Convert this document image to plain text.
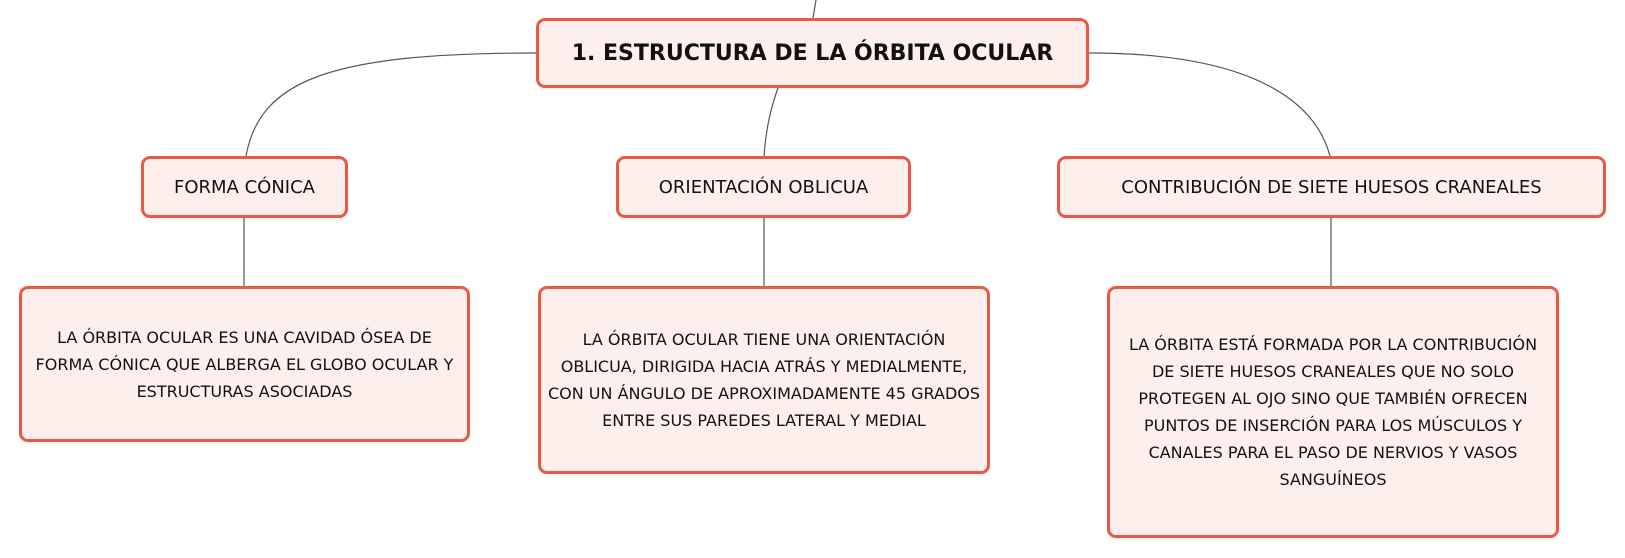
1. ESTRUCTURA DE LA ÓRBITA OCULAR
FORMA CÓNICA	ORIENTACIÓN OBLICUA	CONTRIBUCIÓN DE SIETE HUESOS CRANEALES
LA ÓRBITA OCULAR ES UNA CAVIDAD ÓSEA DE FORMA CÓNICA QUE ALBERGA EL GLOBO OCULAR Y ESTRUCTURAS ASOCIADAS
LA ÓRBITA OCULAR TIENE UNA ORIENTACIÓN OBLICUA, DIRIGIDA HACIA ATRÁS Y MEDIALMENTE, CON UN ÁNGULO DE APROXIMADAMENTE 45 GRADOS ENTRE SUS PAREDES LATERAL Y MEDIAL
LA ÓRBITA ESTÁ FORMADA POR LA CONTRIBUCIÓN DE SIETE HUESOS CRANEALES QUE NO SOLO PROTEGEN AL OJO SINO QUE TAMBIÉN OFRECEN PUNTOS DE INSERCIÓN PARA LOS MÚSCULOS Y CANALES PARA EL PASO DE NERVIOS Y VASOS SANGUÍNEOS
